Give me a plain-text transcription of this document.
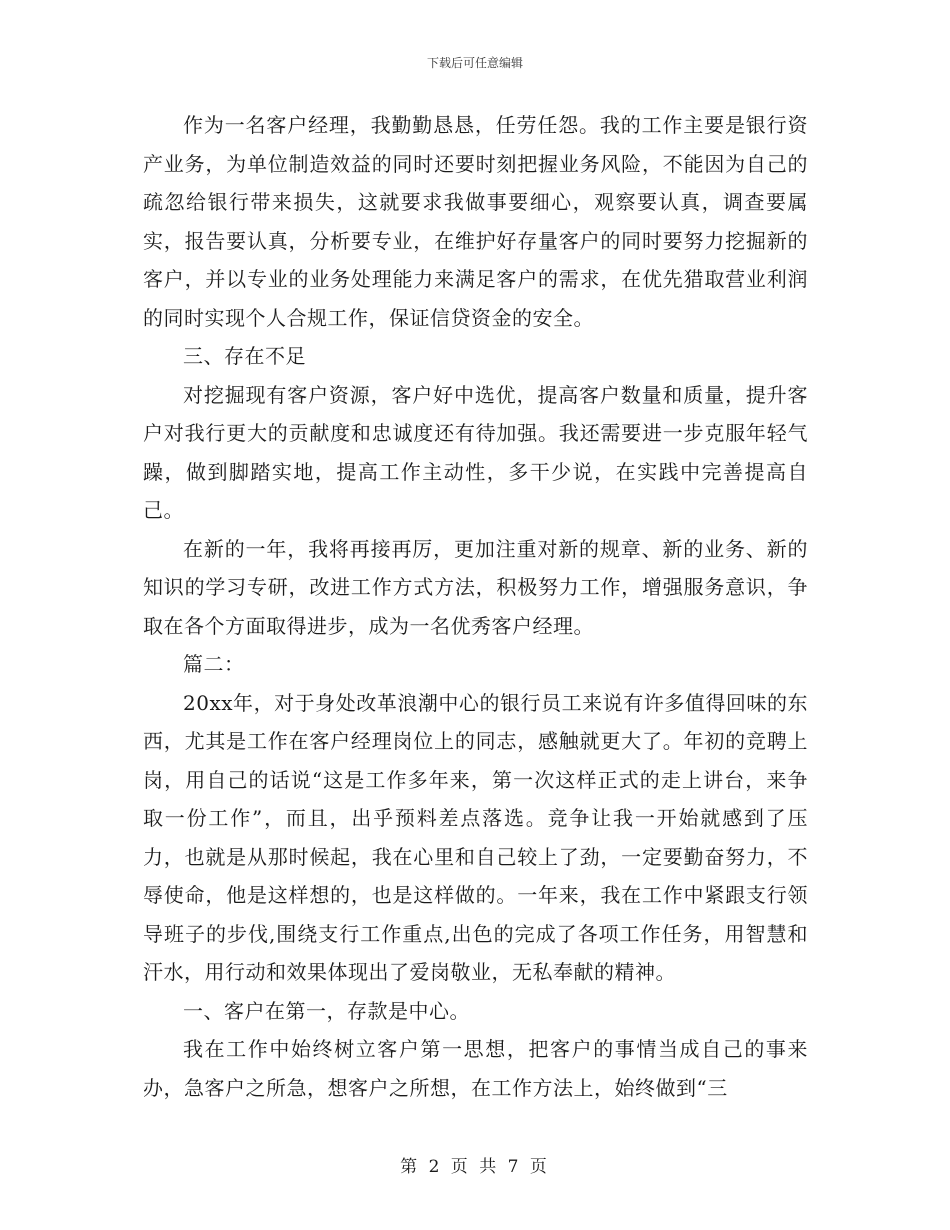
下载后可任意编辑

作为一名客户经理，我勤勤恳恳，任劳任怨。我的工作主要是银行资产业务，为单位制造效益的同时还要时刻把握业务风险，不能因为自己的疏忽给银行带来损失，这就要求我做事要细心，观察要认真，调查要属实，报告要认真，分析要专业，在维护好存量客户的同时要努力挖掘新的客户，并以专业的业务处理能力来满足客户的需求，在优先猎取营业利润的同时实现个人合规工作，保证信贷资金的安全。

三、存在不足

对挖掘现有客户资源，客户好中选优，提高客户数量和质量，提升客户对我行更大的贡献度和忠诚度还有待加强。我还需要进一步克服年轻气躁，做到脚踏实地，提高工作主动性，多干少说，在实践中完善提高自己。

在新的一年，我将再接再厉，更加注重对新的规章、新的业务、新的知识的学习专研，改进工作方式方法，积极努力工作，增强服务意识，争取在各个方面取得进步，成为一名优秀客户经理。

篇二：

20xx年，对于身处改革浪潮中心的银行员工来说有许多值得回味的东西，尤其是工作在客户经理岗位上的同志，感触就更大了。年初的竞聘上岗，用自己的话说“这是工作多年来，第一次这样正式的走上讲台，来争取一份工作”，而且，出乎预料差点落选。竞争让我一开始就感到了压力，也就是从那时候起，我在心里和自己较上了劲，一定要勤奋努力，不辱使命，他是这样想的，也是这样做的。一年来，我在工作中紧跟支行领导班子的步伐,围绕支行工作重点,出色的完成了各项工作任务，用智慧和汗水，用行动和效果体现出了爱岗敬业，无私奉献的精神。

一、客户在第一，存款是中心。

我在工作中始终树立客户第一思想，把客户的事情当成自己的事来办，急客户之所急，想客户之所想，在工作方法上，始终做到“三

第 2 页 共 7 页
